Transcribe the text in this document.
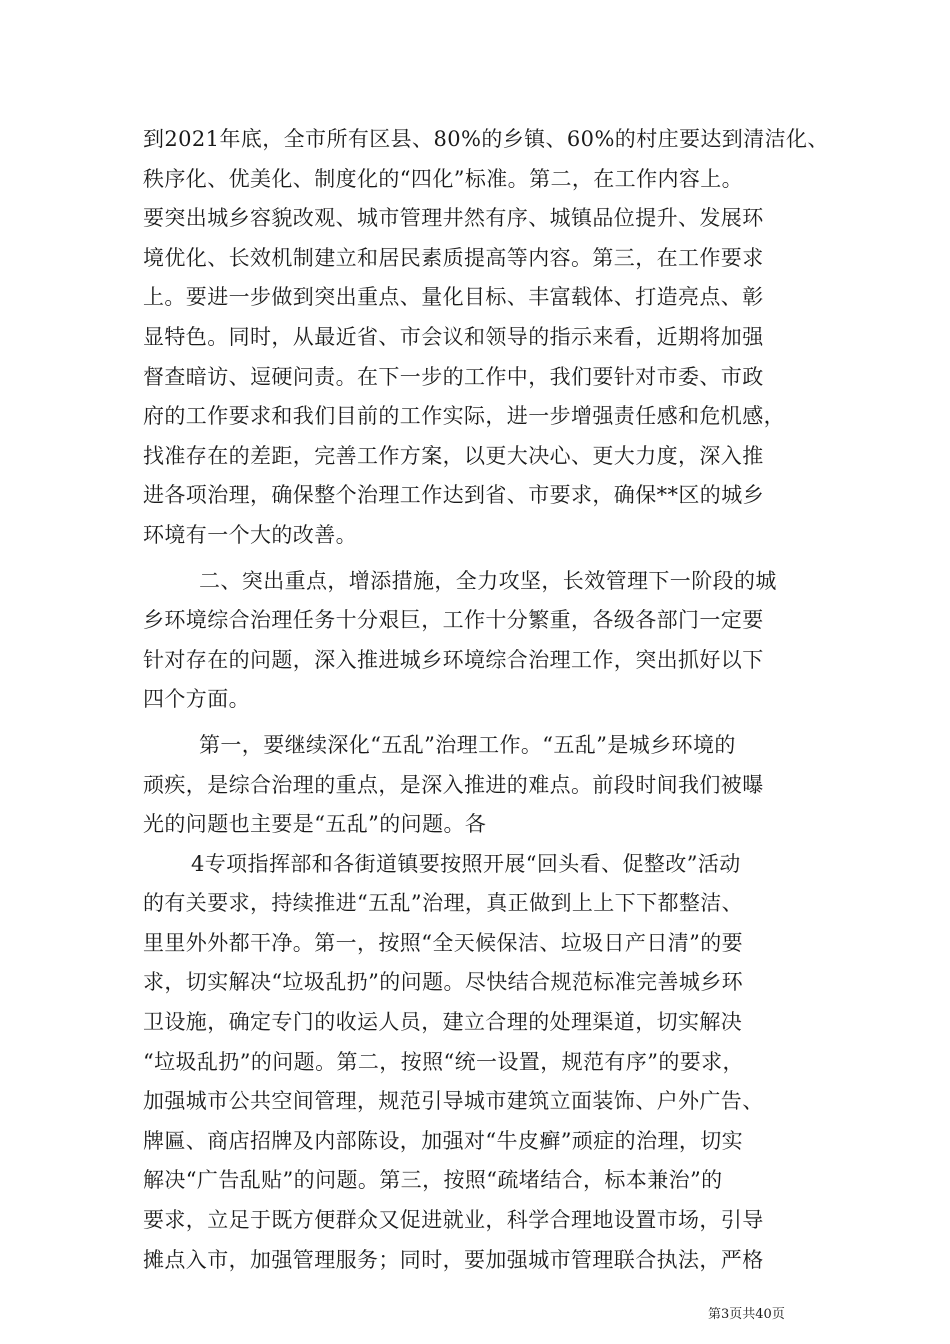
到2021年底，全市所有区县、80%的乡镇、60%的村庄要达到清洁化、
秩序化、优美化、制度化的“四化”标准。第二，在工作内容上。
要突出城乡容貌改观、城市管理井然有序、城镇品位提升、发展环
境优化、长效机制建立和居民素质提高等内容。第三，在工作要求
上。要进一步做到突出重点、量化目标、丰富载体、打造亮点、彰
显特色。同时，从最近省、市会议和领导的指示来看，近期将加强
督查暗访、逗硬问责。在下一步的工作中，我们要针对市委、市政
府的工作要求和我们目前的工作实际，进一步增强责任感和危机感，
找准存在的差距，完善工作方案，以更大决心、更大力度，深入推
进各项治理，确保整个治理工作达到省、市要求，确保**区的城乡
环境有一个大的改善。
二、突出重点，增添措施，全力攻坚，长效管理下一阶段的城
乡环境综合治理任务十分艰巨，工作十分繁重，各级各部门一定要
针对存在的问题，深入推进城乡环境综合治理工作，突出抓好以下
四个方面。
第一，要继续深化“五乱”治理工作。“五乱”是城乡环境的
顽疾，是综合治理的重点，是深入推进的难点。前段时间我们被曝
光的问题也主要是“五乱”的问题。各
4专项指挥部和各街道镇要按照开展“回头看、促整改”活动
的有关要求，持续推进“五乱”治理，真正做到上上下下都整洁、
里里外外都干净。第一，按照“全天候保洁、垃圾日产日清”的要
求，切实解决“垃圾乱扔”的问题。尽快结合规范标准完善城乡环
卫设施，确定专门的收运人员，建立合理的处理渠道，切实解决
“垃圾乱扔”的问题。第二，按照“统一设置，规范有序”的要求，
加强城市公共空间管理，规范引导城市建筑立面装饰、户外广告、
牌匾、商店招牌及内部陈设，加强对“牛皮癣”顽症的治理，切实
解决“广告乱贴”的问题。第三，按照“疏堵结合，标本兼治”的
要求，立足于既方便群众又促进就业，科学合理地设置市场，引导
摊点入市，加强管理服务；同时，要加强城市管理联合执法，严格
第3页共40页
